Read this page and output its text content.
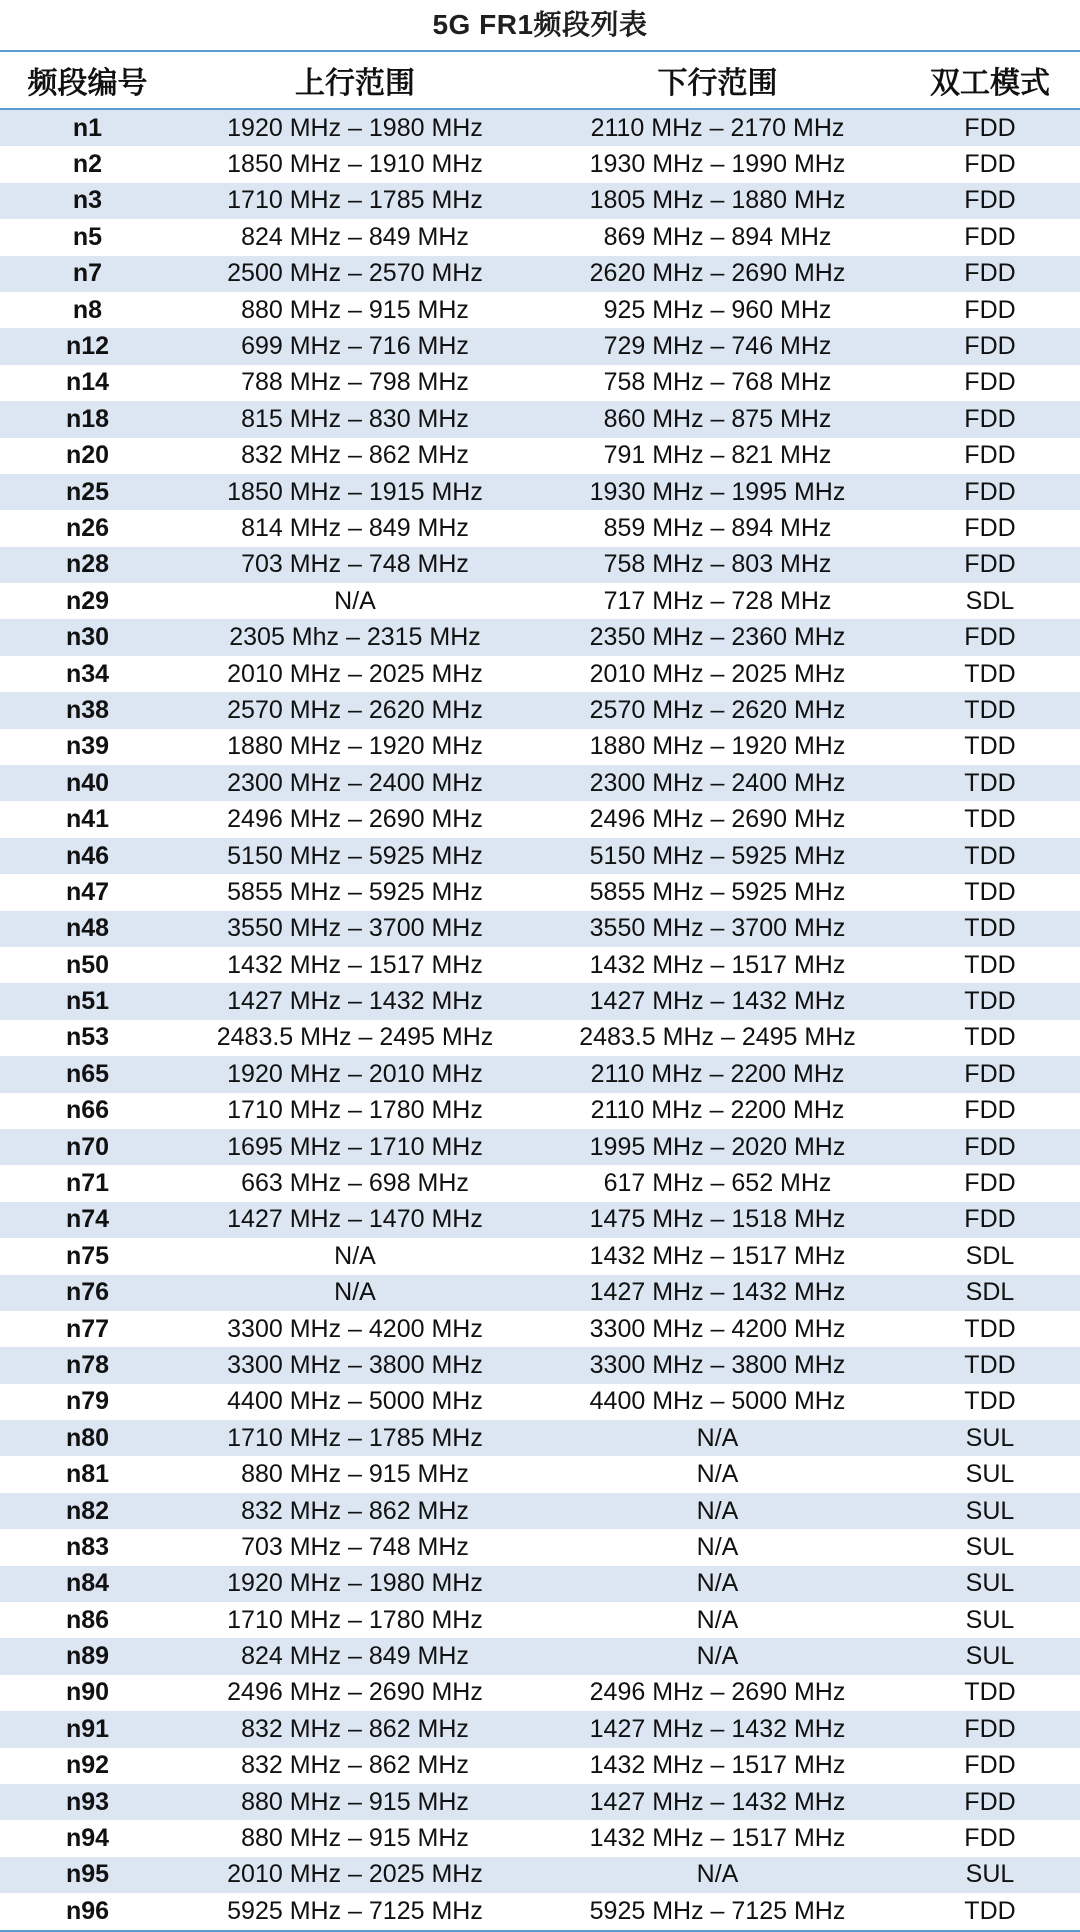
5G FR1频段列表
频段编号	上行范围	下行范围	双工模式
n1	1920 MHz – 1980 MHz	2110 MHz – 2170 MHz	FDD
n2	1850 MHz – 1910 MHz	1930 MHz – 1990 MHz	FDD
n3	1710 MHz – 1785 MHz	1805 MHz – 1880 MHz	FDD
n5	824 MHz – 849 MHz	869 MHz – 894 MHz	FDD
n7	2500 MHz – 2570 MHz	2620 MHz – 2690 MHz	FDD
n8	880 MHz – 915 MHz	925 MHz – 960 MHz	FDD
n12	699 MHz – 716 MHz	729 MHz – 746 MHz	FDD
n14	788 MHz – 798 MHz	758 MHz – 768 MHz	FDD
n18	815 MHz – 830 MHz	860 MHz – 875 MHz	FDD
n20	832 MHz – 862 MHz	791 MHz – 821 MHz	FDD
n25	1850 MHz – 1915 MHz	1930 MHz – 1995 MHz	FDD
n26	814 MHz – 849 MHz	859 MHz – 894 MHz	FDD
n28	703 MHz – 748 MHz	758 MHz – 803 MHz	FDD
n29	N/A	717 MHz – 728 MHz	SDL
n30	2305 Mhz – 2315 MHz	2350 MHz – 2360 MHz	FDD
n34	2010 MHz – 2025 MHz	2010 MHz – 2025 MHz	TDD
n38	2570 MHz – 2620 MHz	2570 MHz – 2620 MHz	TDD
n39	1880 MHz – 1920 MHz	1880 MHz – 1920 MHz	TDD
n40	2300 MHz – 2400 MHz	2300 MHz – 2400 MHz	TDD
n41	2496 MHz – 2690 MHz	2496 MHz – 2690 MHz	TDD
n46	5150 MHz – 5925 MHz	5150 MHz – 5925 MHz	TDD
n47	5855 MHz – 5925 MHz	5855 MHz – 5925 MHz	TDD
n48	3550 MHz – 3700 MHz	3550 MHz – 3700 MHz	TDD
n50	1432 MHz – 1517 MHz	1432 MHz – 1517 MHz	TDD
n51	1427 MHz – 1432 MHz	1427 MHz – 1432 MHz	TDD
n53	2483.5 MHz – 2495 MHz	2483.5 MHz – 2495 MHz	TDD
n65	1920 MHz – 2010 MHz	2110 MHz – 2200 MHz	FDD
n66	1710 MHz – 1780 MHz	2110 MHz – 2200 MHz	FDD
n70	1695 MHz – 1710 MHz	1995 MHz – 2020 MHz	FDD
n71	663 MHz – 698 MHz	617 MHz – 652 MHz	FDD
n74	1427 MHz – 1470 MHz	1475 MHz – 1518 MHz	FDD
n75	N/A	1432 MHz – 1517 MHz	SDL
n76	N/A	1427 MHz – 1432 MHz	SDL
n77	3300 MHz – 4200 MHz	3300 MHz – 4200 MHz	TDD
n78	3300 MHz – 3800 MHz	3300 MHz – 3800 MHz	TDD
n79	4400 MHz – 5000 MHz	4400 MHz – 5000 MHz	TDD
n80	1710 MHz – 1785 MHz	N/A	SUL
n81	880 MHz – 915 MHz	N/A	SUL
n82	832 MHz – 862 MHz	N/A	SUL
n83	703 MHz – 748 MHz	N/A	SUL
n84	1920 MHz – 1980 MHz	N/A	SUL
n86	1710 MHz – 1780 MHz	N/A	SUL
n89	824 MHz – 849 MHz	N/A	SUL
n90	2496 MHz – 2690 MHz	2496 MHz – 2690 MHz	TDD
n91	832 MHz – 862 MHz	1427 MHz – 1432 MHz	FDD
n92	832 MHz – 862 MHz	1432 MHz – 1517 MHz	FDD
n93	880 MHz – 915 MHz	1427 MHz – 1432 MHz	FDD
n94	880 MHz – 915 MHz	1432 MHz – 1517 MHz	FDD
n95	2010 MHz – 2025 MHz	N/A	SUL
n96	5925 MHz – 7125 MHz	5925 MHz – 7125 MHz	TDD
